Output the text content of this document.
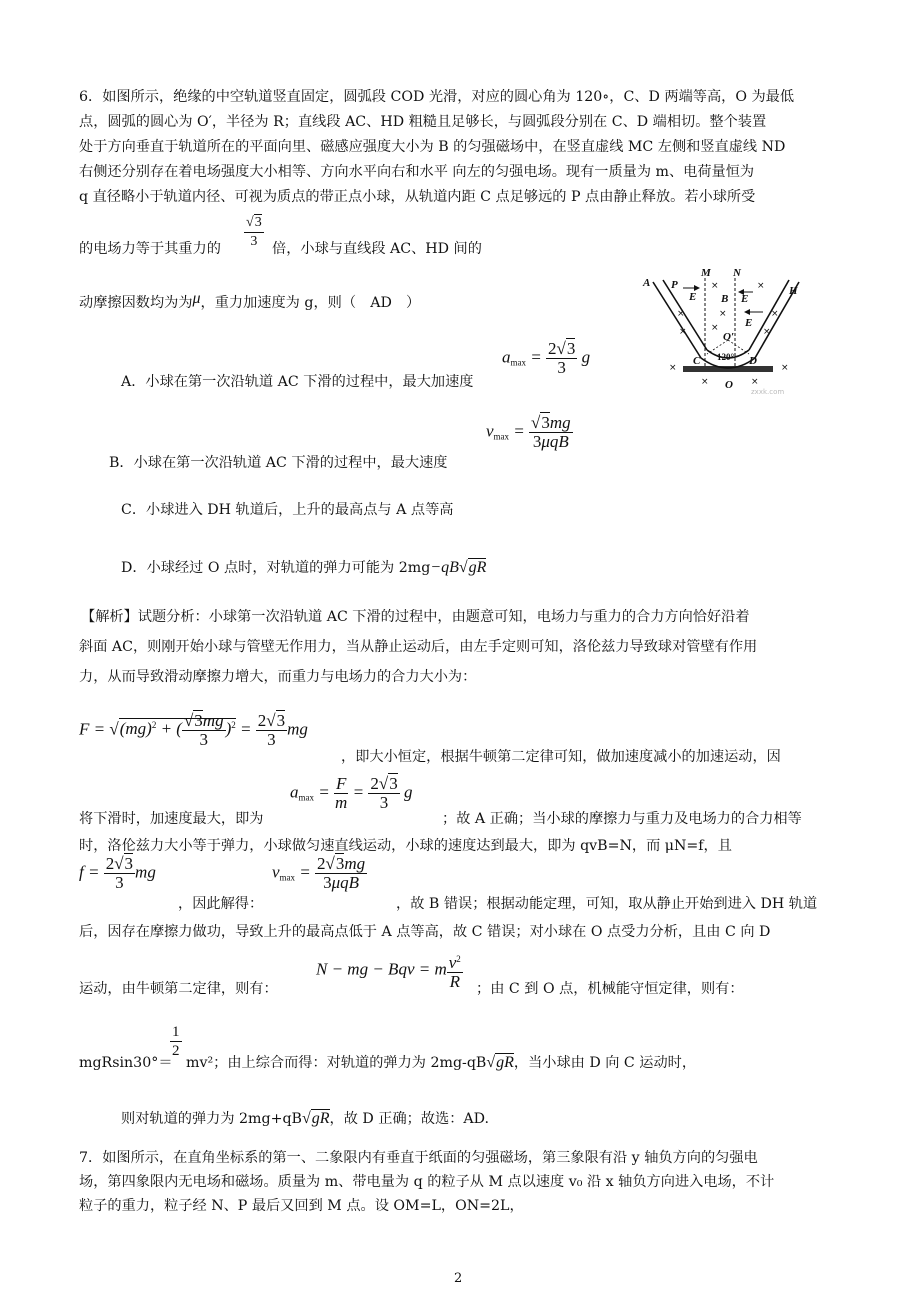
6．如图所示，绝缘的中空轨道竖直固定，圆弧段 COD 光滑，对应的圆心角为 120∘，C、D 两端等高，O 为最低
点，圆弧的圆心为 O′，半径为 R；直线段 AC、HD 粗糙且足够长，与圆弧段分别在 C、D 端相切。整个装置
处于方向垂直于轨道所在的平面向里、磁感应强度大小为 B 的匀强磁场中，在竖直虚线 MC 左侧和竖直虚线 ND
右侧还分别存在着电场强度大小相等、方向水平向右和水平 向左的匀强电场。现有一质量为 m、电荷量恒为
q 直径略小于轨道内径、可视为质点的带正点小球，从轨道内距 C 点足够远的 P 点由静止释放。若小球所受
的电场力等于其重力的 $\frac{√3}{3}$ 倍，小球与直线段 AC、HD 间的
动摩擦因数均为为μ，重力加速度为 g，则（　AD　）
A P
E
M N
E
H
B
O′
E
C 120° D
O
×	×
×	×	×
×	×	×
×
×	×
×
zxxk.com
A．小球在第一次沿轨道 AC 下滑的过程中，最大加速度
$a_{max} = \frac{2√3}{3}$ g
B．小球在第一次沿轨道 AC 下滑的过程中，最大速度
$v_{max} = \frac{√3mg}{\text{3μqB}}$
C．小球进入 DH 轨道后，上升的最高点与 A 点等高
D．小球经过 O 点时，对轨道的弹力可能为 2mg−qB√gR
【解析】试题分析：小球第一次沿轨道 AC 下滑的过程中，由题意可知，电场力与重力的合力方向恰好沿着
斜面 AC，则刚开始小球与管壁无作用力，当从静止运动后，由左手定则可知，洛伦兹力导致球对管壁有作用
力，从而导致滑动摩擦力增大，而重力与电场力的合力大小为：
F = √(mg)$^2$ + ( $\frac{√3mg}{3} )^2 = \frac{2√3}{3}$ mg
，即大小恒定，根据牛顿第二定律可知，做加速度减小的加速运动，因
将下滑时，加速度最大，即为
$a_{max} = \frac{F}{m} = \frac{2√3}{3}$ g
；故 A 正确；当小球的摩擦力与重力及电场力的合力相等
时，洛伦兹力大小等于弹力，小球做匀速直线运动，小球的速度达到最大，即为 qvB=N，而 μN=f，且
$f = \frac{2√3}{3}$ mg
，因此解得：
$v_{max} = \frac{2√3mg}{\text{3μqB}}$
，故 B 错误；根据动能定理，可知，取从静止开始到进入 DH 轨道
后，因存在摩擦力做功，导致上升的最高点低于 A 点等高，故 C 错误；对小球在 O 点受力分析，且由 C 向 D
运动，由牛顿第二定律，则有：
N − mg − Bqv = m $\frac{v^2}{R}$ ；由 C 到 O 点，机械能守恒定律，则有：
mgRsin30°＝
$\frac{1}{2}$
mv²；由上综合而得：对轨道的弹力为 2mg-qB√gR，当小球由 D 向 C 运动时，
则对轨道的弹力为 2mg+qB√gR，故 D 正确；故选：AD.
7．如图所示，在直角坐标系的第一、二象限内有垂直于纸面的匀强磁场，第三象限有沿 y 轴负方向的匀强电
场，第四象限内无电场和磁场。质量为 m、带电量为 q 的粒子从 M 点以速度 v₀ 沿 x 轴负方向进入电场，不计
粒子的重力，粒子经 N、P 最后又回到 M 点。设 OM=L，ON=2L，
2
